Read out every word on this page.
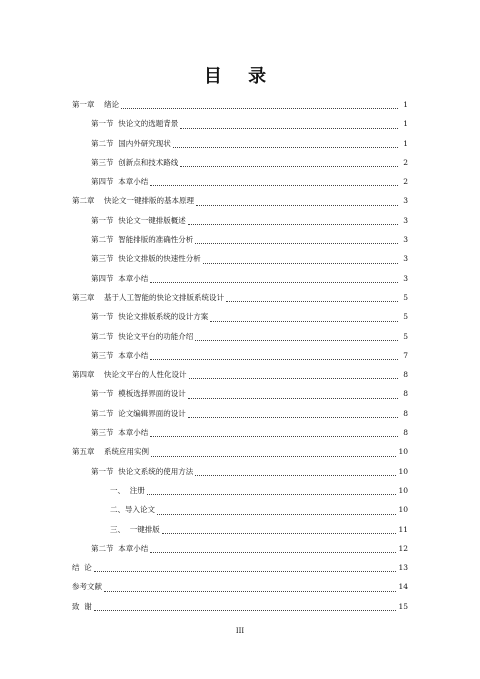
目 录
第一章    绪论	1
第一节  快论文的选题背景	1
第二节  国内外研究现状	1
第三节  创新点和技术路线	2
第四节  本章小结	2
第二章    快论文一键排版的基本原理	3
第一节  快论文一键排版概述	3
第二节  智能排版的准确性分析	3
第三节  快论文排版的快速性分析	3
第四节  本章小结	3
第三章    基于人工智能的快论文排版系统设计	5
第一节  快论文排版系统的设计方案	5
第二节  快论文平台的功能介绍	5
第三节  本章小结	7
第四章    快论文平台的人性化设计	8
第一节  模板选择界面的设计	8
第二节  论文编辑界面的设计	8
第三节  本章小结	8
第五章    系统应用实例	10
第一节  快论文系统的使用方法	10
一、  注册	10
二、导入论文	10
三、  一键排版	11
第二节  本章小结	12
结  论	13
参考文献	14
致  谢	15
III
